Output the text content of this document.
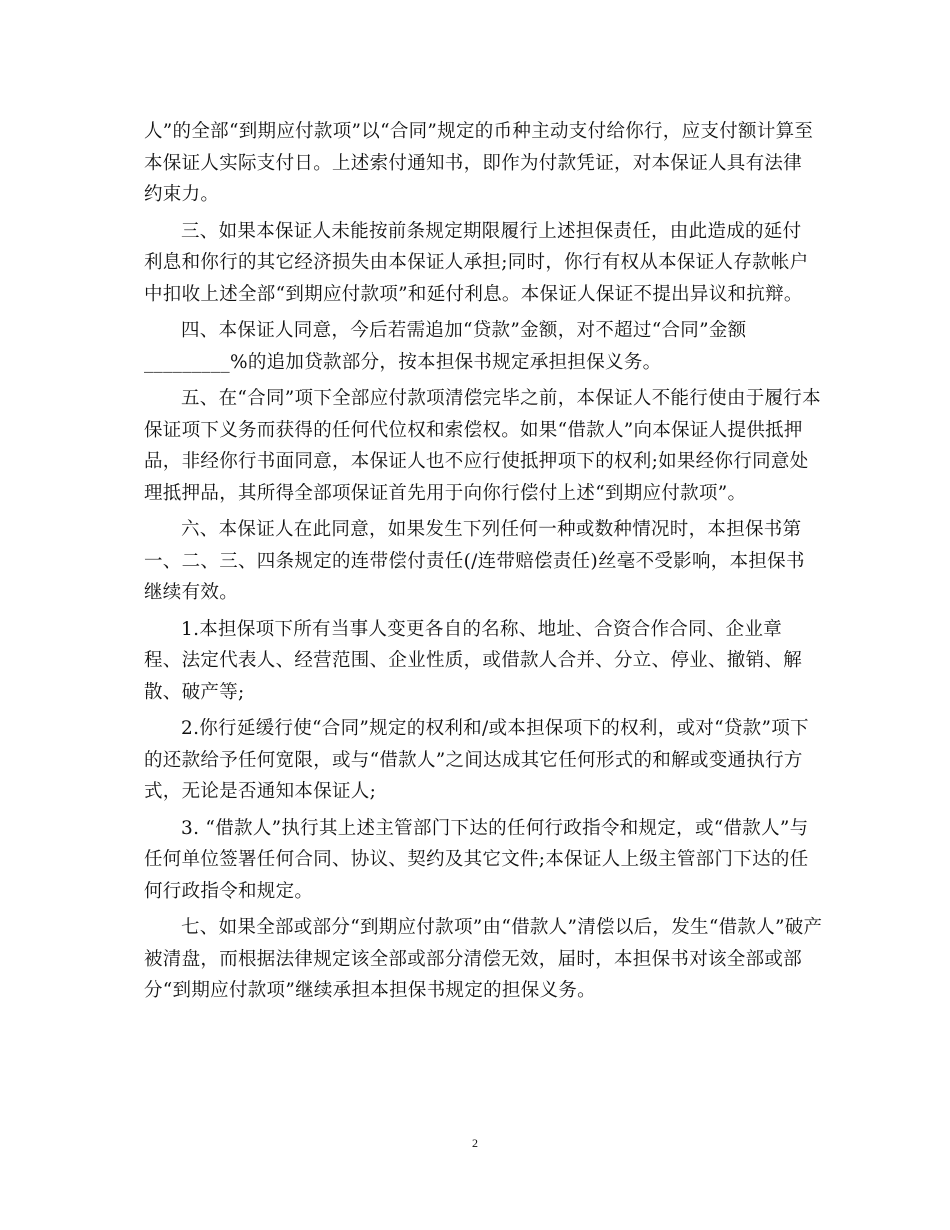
人”的全部“到期应付款项”以“合同”规定的币种主动支付给你行，应支付额计算至
本保证人实际支付日。上述索付通知书，即作为付款凭证，对本保证人具有法律
约束力。

三、如果本保证人未能按前条规定期限履行上述担保责任，由此造成的延付
利息和你行的其它经济损失由本保证人承担;同时，你行有权从本保证人存款帐户
中扣收上述全部“到期应付款项”和延付利息。本保证人保证不提出异议和抗辩。

四、本保证人同意，今后若需追加“贷款”金额，对不超过“合同”金额
_________%的追加贷款部分，按本担保书规定承担担保义务。

五、在“合同”项下全部应付款项清偿完毕之前，本保证人不能行使由于履行本
保证项下义务而获得的任何代位权和索偿权。如果“借款人”向本保证人提供抵押
品，非经你行书面同意，本保证人也不应行使抵押项下的权利;如果经你行同意处
理抵押品，其所得全部项保证首先用于向你行偿付上述“到期应付款项”。

六、本保证人在此同意，如果发生下列任何一种或数种情况时，本担保书第
一、二、三、四条规定的连带偿付责任(/连带赔偿责任)丝毫不受影响，本担保书
继续有效。

1.本担保项下所有当事人变更各自的名称、地址、合资合作合同、企业章
程、法定代表人、经营范围、企业性质，或借款人合并、分立、停业、撤销、解
散、破产等;

2.你行延缓行使“合同”规定的权利和/或本担保项下的权利，或对“贷款”项下
的还款给予任何宽限，或与“借款人”之间达成其它任何形式的和解或变通执行方
式，无论是否通知本保证人;

3. “借款人”执行其上述主管部门下达的任何行政指令和规定，或“借款人”与
任何单位签署任何合同、协议、契约及其它文件;本保证人上级主管部门下达的任
何行政指令和规定。

七、如果全部或部分“到期应付款项”由“借款人”清偿以后，发生“借款人”破产
被清盘，而根据法律规定该全部或部分清偿无效，届时，本担保书对该全部或部
分“到期应付款项”继续承担本担保书规定的担保义务。

2
